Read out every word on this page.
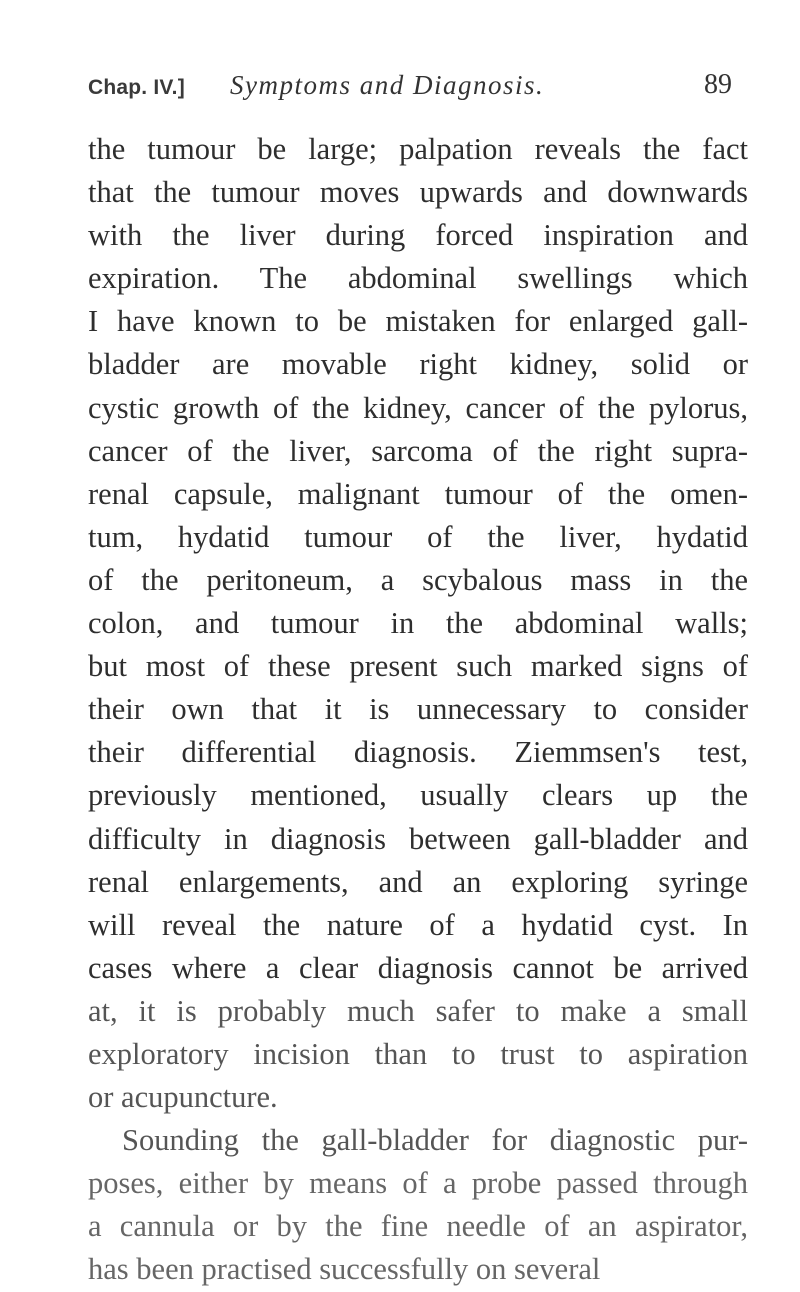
Chap. IV.] Symptoms and Diagnosis.	89
the tumour be large; palpation reveals the fact
that the tumour moves upwards and downwards
with the liver during forced inspiration and
expiration. The abdominal swellings which
I have known to be mistaken for enlarged gall-
bladder are movable right kidney, solid or
cystic growth of the kidney, cancer of the pylorus,
cancer of the liver, sarcoma of the right supra-
renal capsule, malignant tumour of the omen-
tum, hydatid tumour of the liver, hydatid
of the peritoneum, a scybalous mass in the
colon, and tumour in the abdominal walls;
but most of these present such marked signs of
their own that it is unnecessary to consider
their differential diagnosis. Ziemmsen's test,
previously mentioned, usually clears up the
difficulty in diagnosis between gall-bladder and
renal enlargements, and an exploring syringe
will reveal the nature of a hydatid cyst. In
cases where a clear diagnosis cannot be arrived
at, it is probably much safer to make a small
exploratory incision than to trust to aspiration
or acupuncture.
Sounding the gall-bladder for diagnostic pur-
poses, either by means of a probe passed through
a cannula or by the fine needle of an aspirator,
has been practised successfully on several
